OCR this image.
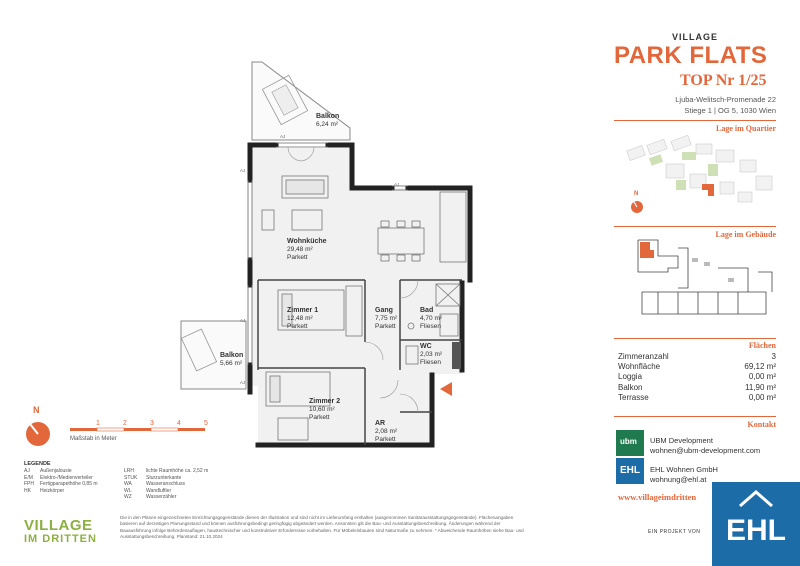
AJ
AJ
AJ
AJ
AJ
Balkon
6,24 m²
Wohnküche
29,48 m²
Parkett
Zimmer 1
12,48 m²
Parkett
Gang
7,75 m²
Parkett
Bad
4,70 m²
Fliesen
WC
2,03 m²
Fliesen
Balkon
5,66 m²
Zimmer 2
10,60 m²
Parkett
AR
2,08 m²
Parkett
N
1	2	3	4	5
Maßstab in Meter
LEGENDE
AJ Außenjalousie
E/M Elektro-/Medienverteiler
FPH Fertigparapethöhe 0,85 m
HK Heizkörper
LRH lichte Raumhöhe ca. 2,52 m
STUK Sturzunterkante
WA	Wasseranschluss
WL	Wandluftler
WZ	Wasserzähler
VILLAGE
IM DRITTEN

Die in den Plänen eingezeichneten Einrichtungsgegenstände dienen der Illustration und sind nicht im Lieferumfang enthalten (ausgenommen Sanitärausstattungsgegenstände). Flächenangaben basieren auf derzeitigen Planungsstand und können ausführungsbedingt geringfügig abgeändert werden. Ansonsten gilt die Bau- und Ausstattungsbeschreibung. Änderungen während der Bauausführung infolge Behördenauflagen, haustechnischer und konstruktiver Erfordernisse vorbehalten. Für Möbeleinbauten sind Naturmaße zu nehmen. * Abweichende Raumhöhen siehe Bau- und Ausstattungsbeschreibung. Planstand: 21.10.2024

VILLAGE
PARK FLATS
TOP Nr 1/25
Ljuba-Welitsch-Promenade 22
Stiege 1 | OG 5, 1030 Wien
Lage im Quartier
N
Lage im Gebäude
Flächen
Zimmeranzahl	3
Wohnfläche	69,12 m²
Loggia	0,00 m²
Balkon	11,90 m²
Terrasse	0,00 m²
Kontakt
ubm UBM Development
wohnen@ubm-development.com
EHL EHL Wohnen GmbH
wohnung@ehl.at
www.villageimdritten
EIN PROJEKT VON EHL
